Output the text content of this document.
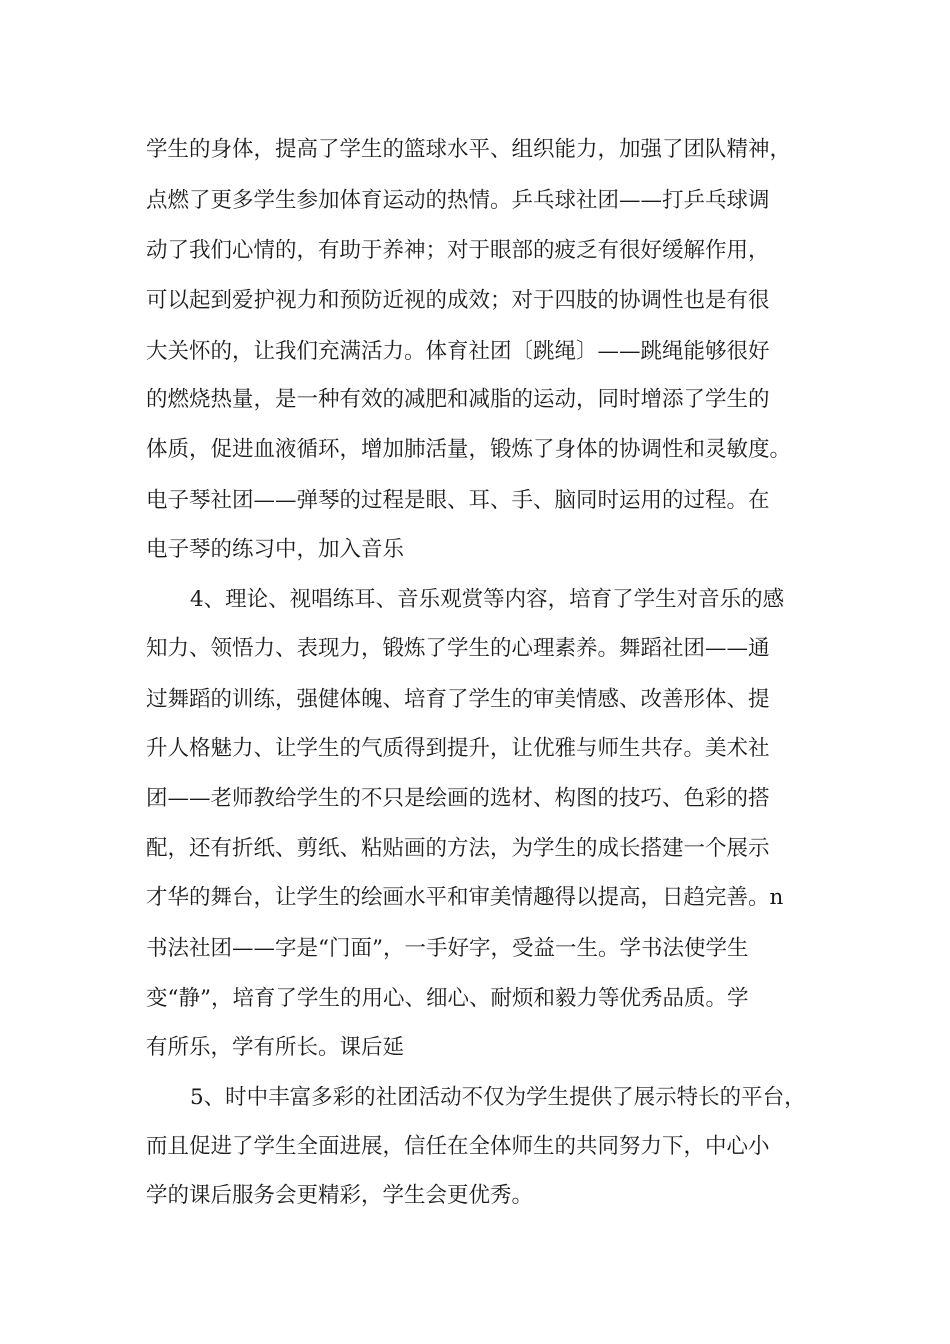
学生的身体，提高了学生的篮球水平、组织能力，加强了团队精神，

点燃了更多学生参加体育运动的热情。乒乓球社团——打乒乓球调

动了我们心情的，有助于养神；对于眼部的疲乏有很好缓解作用，

可以起到爱护视力和预防近视的成效；对于四肢的协调性也是有很

大关怀的，让我们充满活力。体育社团〔跳绳〕——跳绳能够很好

的燃烧热量，是一种有效的减肥和减脂的运动，同时增添了学生的

体质，促进血液循环，增加肺活量，锻炼了身体的协调性和灵敏度。

电子琴社团——弹琴的过程是眼、耳、手、脑同时运用的过程。在

电子琴的练习中，加入音乐

4、理论、视唱练耳、音乐观赏等内容，培育了学生对音乐的感

知力、领悟力、表现力，锻炼了学生的心理素养。舞蹈社团——通

过舞蹈的训练，强健体魄、培育了学生的审美情感、改善形体、提

升人格魅力、让学生的气质得到提升，让优雅与师生共存。美术社

团——老师教给学生的不只是绘画的选材、构图的技巧、色彩的搭

配，还有折纸、剪纸、粘贴画的方法，为学生的成长搭建一个展示

才华的舞台，让学生的绘画水平和审美情趣得以提高，日趋完善。n

书法社团——字是“门面”，一手好字，受益一生。学书法使学生

变“静”，培育了学生的用心、细心、耐烦和毅力等优秀品质。学

有所乐，学有所长。课后延

5、时中丰富多彩的社团活动不仅为学生提供了展示特长的平台，

而且促进了学生全面进展，信任在全体师生的共同努力下，中心小

学的课后服务会更精彩，学生会更优秀。
